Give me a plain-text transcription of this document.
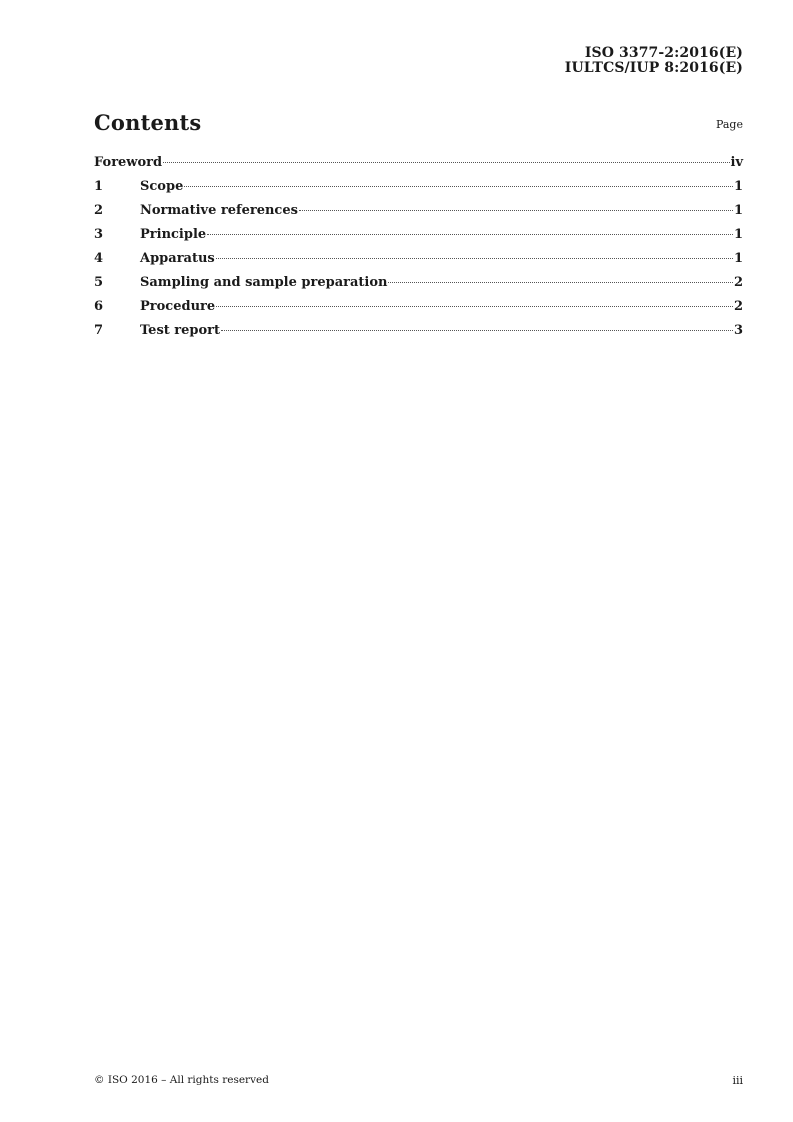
ISO 3377-2:2016(E)
IULTCS/IUP 8:2016(E)
Contents	Page
Foreword	iv
1	Scope	1
2	Normative references	1
3	Principle	1
4	Apparatus	1
5	Sampling and sample preparation	2
6	Procedure	2
7	Test report	3
© ISO 2016 – All rights reserved	iii
